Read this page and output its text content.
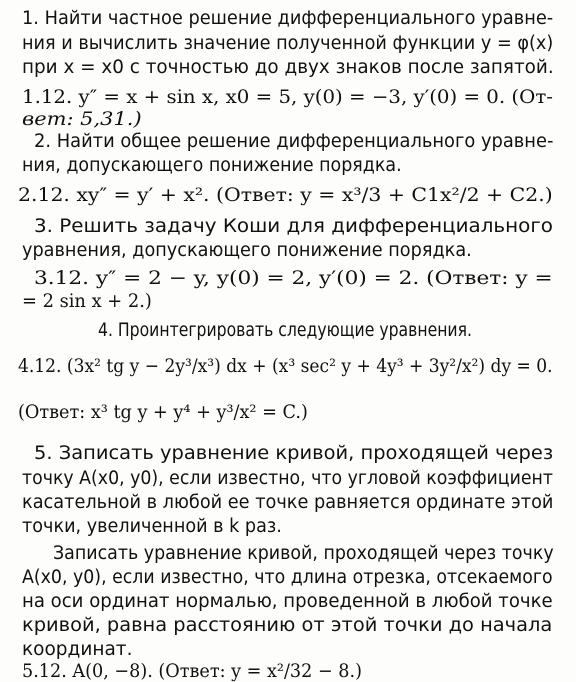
1. Найти частное решение дифференциального уравне-
ния и вычислить значение полученной функции y = φ(x)
при x = x0 с точностью до двух знаков после запятой.
1.12. y″ = x + sin x, x0 = 5, y(0) = −3, y′(0) = 0. (От-
вет: 5,31.)
2. Найти общее решение дифференциального уравне-
ния, допускающего понижение порядка.
2.12. xy″ = y′ + x². (Ответ: y = x³/3 + C1x²/2 + C2.)
3. Решить задачу Коши для дифференциального
уравнения, допускающего понижение порядка.
3.12. y″ = 2 − y, y(0) = 2, y′(0) = 2. (Ответ: y =
= 2 sin x + 2.)
4. Проинтегрировать следующие уравнения.
4.12. (3x² tg y − 2y³/x³) dx + (x³ sec² y + 4y³ + 3y²/x²) dy = 0.
(Ответ: x³ tg y + y⁴ + y³/x² = C.)
5. Записать уравнение кривой, проходящей через
точку A(x0, y0), если известно, что угловой коэффициент
касательной в любой ее точке равняется ординате этой
точки, увеличенной в k раз.
Записать уравнение кривой, проходящей через точку
A(x0, y0), если известно, что длина отрезка, отсекаемого
на оси ординат нормалью, проведенной в любой точке
кривой, равна расстоянию от этой точки до начала
координат.
5.12. A(0, −8). (Ответ: y = x²/32 − 8.)
